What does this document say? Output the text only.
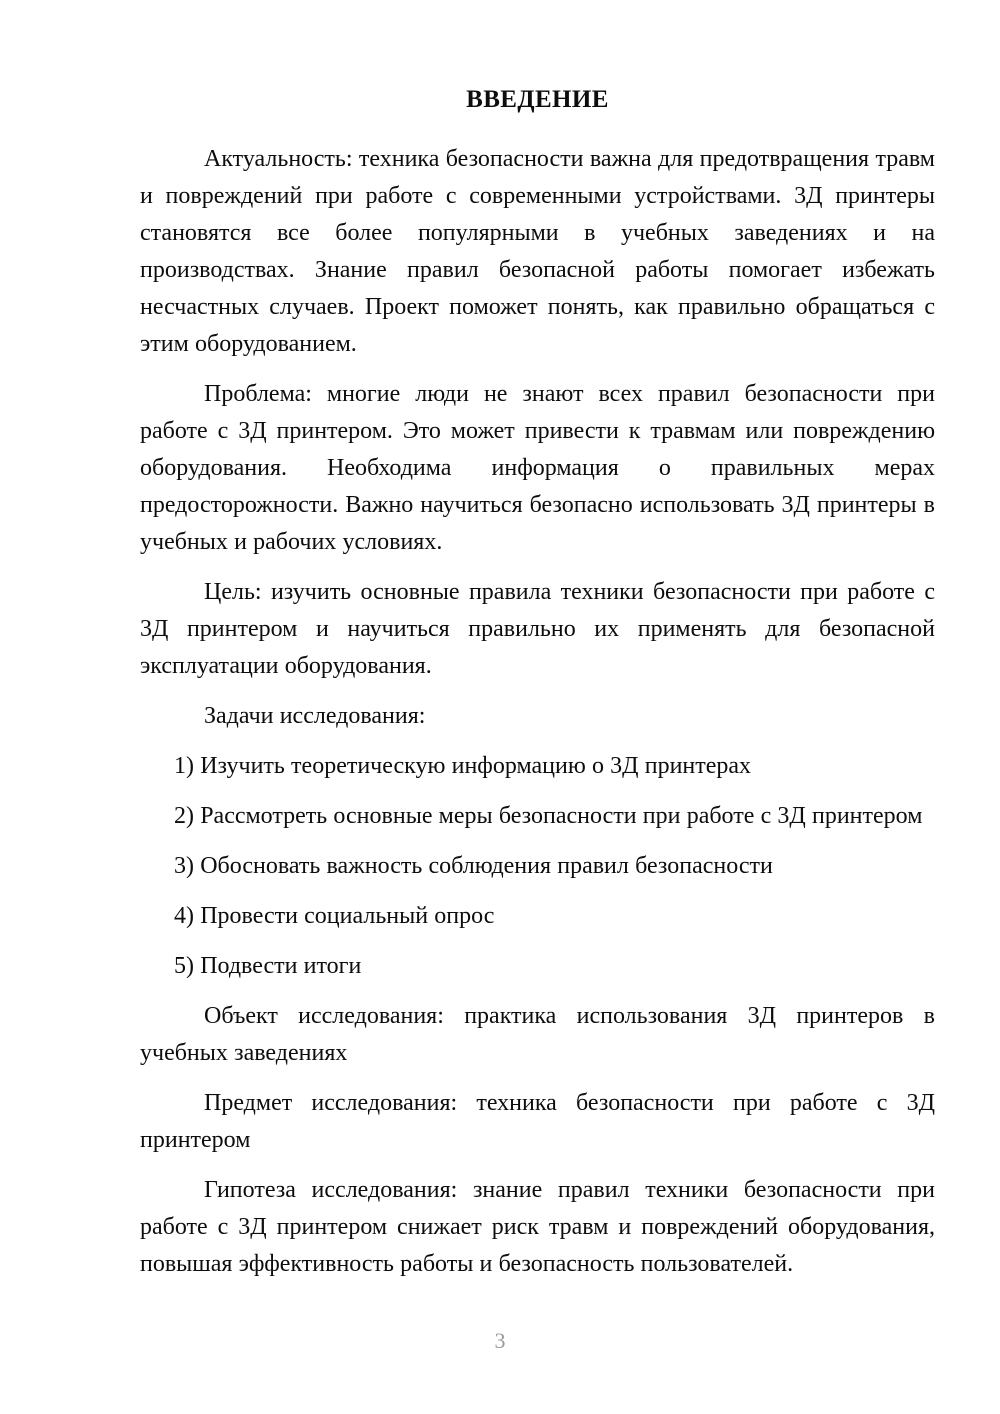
ВВЕДЕНИЕ

Актуальность: техника безопасности важна для предотвращения травм и повреждений при работе с современными устройствами. 3Д принтеры становятся все более популярными в учебных заведениях и на производствах. Знание правил безопасной работы помогает избежать несчастных случаев. Проект поможет понять, как правильно обращаться с этим оборудованием.

Проблема: многие люди не знают всех правил безопасности при работе с 3Д принтером. Это может привести к травмам или повреждению оборудования. Необходима информация о правильных мерах предосторожности. Важно научиться безопасно использовать 3Д принтеры в учебных и рабочих условиях.

Цель: изучить основные правила техники безопасности при работе с 3Д принтером и научиться правильно их применять для безопасной эксплуатации оборудования.

Задачи исследования:

1) Изучить теоретическую информацию о 3Д принтерах
2) Рассмотреть основные меры безопасности при работе с 3Д принтером
3) Обосновать важность соблюдения правил безопасности
4) Провести социальный опрос
5) Подвести итоги

Объект исследования: практика использования 3Д принтеров в учебных заведениях

Предмет исследования: техника безопасности при работе с 3Д принтером

Гипотеза исследования: знание правил техники безопасности при работе с 3Д принтером снижает риск травм и повреждений оборудования, повышая эффективность работы и безопасность пользователей.

3
